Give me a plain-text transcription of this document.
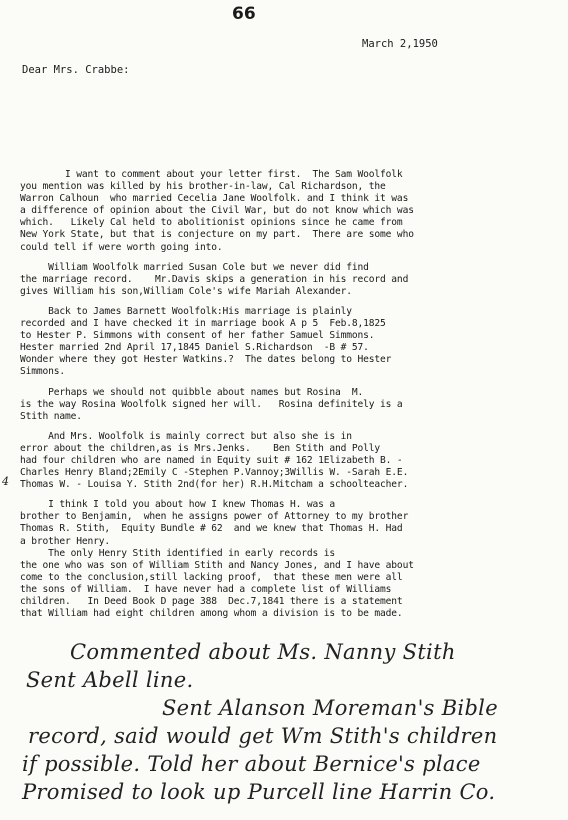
66
March 2,1950
Dear Mrs. Crabbe:
I want to comment about your letter first.  The Sam Woolfolk
you mention was killed by his brother-in-law, Cal Richardson, the
Warron Calhoun  who married Cecelia Jane Woolfolk. and I think it was
a difference of opinion about the Civil War, but do not know which was
which.   Likely Cal held to abolitionist opinions since he came from
New York State, but that is conjecture on my part.  There are some who
could tell if were worth going into.
William Woolfolk married Susan Cole but we never did find
the marriage record.    Mr.Davis skips a generation in his record and
gives William his son,William Cole's wife Mariah Alexander.
Back to James Barnett Woolfolk:His marriage is plainly
recorded and I have checked it in marriage book A p 5  Feb.8,1825
to Hester P. Simmons with consent of her father Samuel Simmons.
Hester married 2nd April 17,1845 Daniel S.Richardson  -B # 57.
Wonder where they got Hester Watkins.?  The dates belong to Hester
Simmons.
Perhaps we should not quibble about names but Rosina  M.
is the way Rosina Woolfolk signed her will.   Rosina definitely is a
Stith name.
And Mrs. Woolfolk is mainly correct but also she is in
error about the children,as is Mrs.Jenks.    Ben Stith and Polly
had four children who are named in Equity suit # 162 1Elizabeth B. -
Charles Henry Bland;2Emily C -Stephen P.Vannoy;3Willis W. -Sarah E.E.
Thomas W. - Louisa Y. Stith 2nd(for her) R.H.Mitcham a schoolteacher.
I think I told you about how I knew Thomas H. was a
brother to Benjamin,  when he assigns power of Attorney to my brother
Thomas R. Stith,  Equity Bundle # 62  and we knew that Thomas H. Had
a brother Henry.
The only Henry Stith identified in early records is
the one who was son of William Stith and Nancy Jones, and I have about
come to the conclusion,still lacking proof,  that these men were all
the sons of William.  I have never had a complete list of Williams
children.   In Deed Book D page 388  Dec.7,1841 there is a statement
that William had eight children among whom a division is to be made.
4
Commented about Ms. Nanny Stith
Sent Abell line.
Sent Alanson Moreman's Bible
record, said would get Wm Stith's children
if possible. Told her about Bernice's place
Promised to look up Purcell line Harrin Co.
